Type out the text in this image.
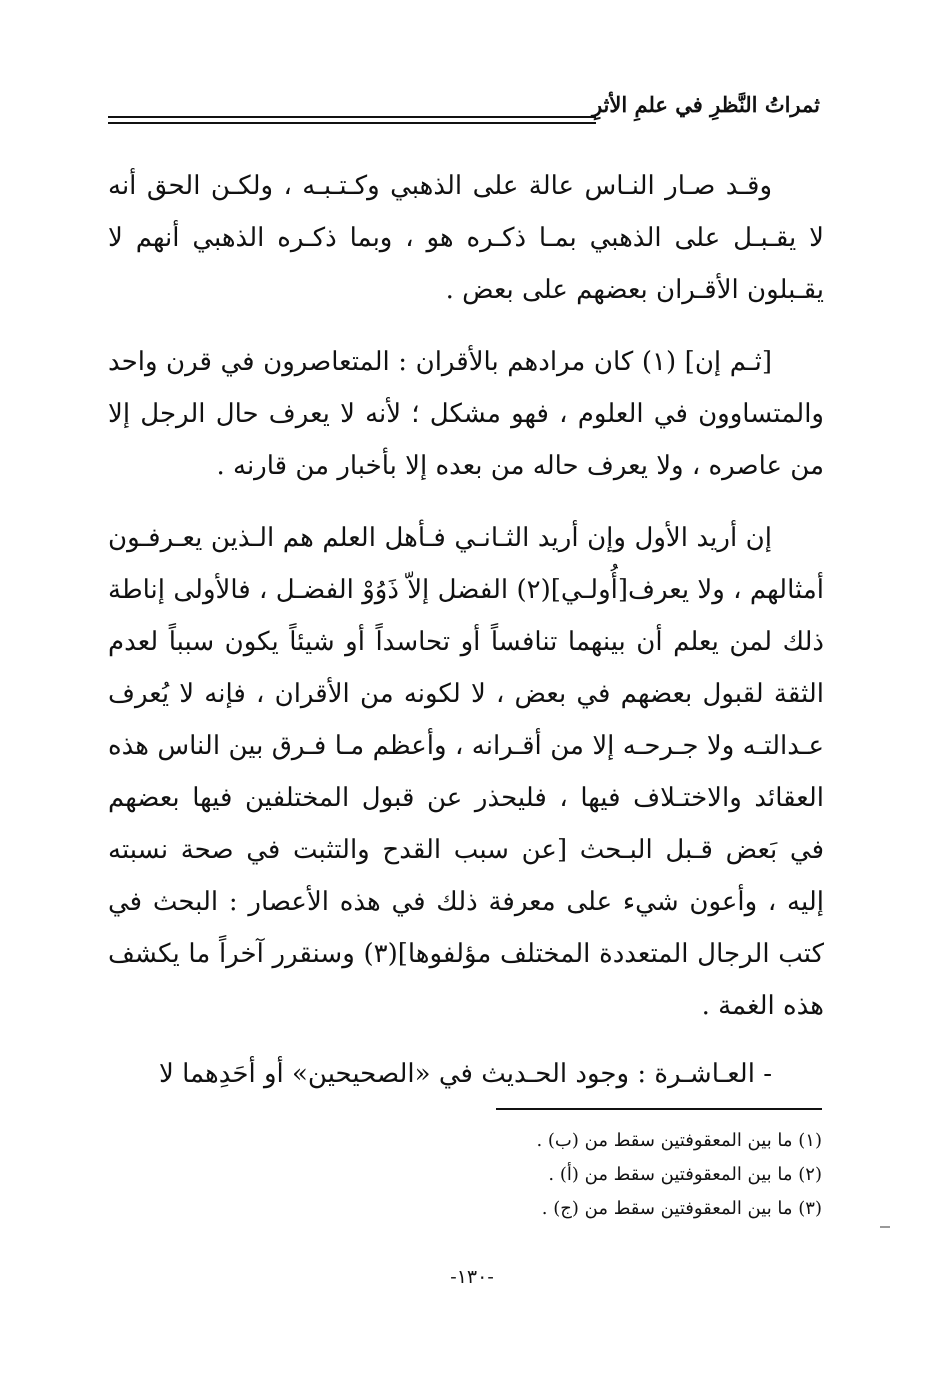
ثمراتُ النَّظرِ في علمِ الأثرِ

وقـد صـار النـاس عالة على الذهبي وكـتـبـه ، ولكـن الحق أنه لا يقـبـل على الذهبي بمـا ذكـره هو ، وبما ذكـره الذهبي أنهم لا يقـبلون الأقـران بعضهم على بعض .

[ثـم إن] (١) كان مرادهم بالأقران : المتعاصرون في قرن واحد والمتساوون في العلوم ، فهو مشكل ؛ لأنه لا يعرف حال الرجل إلا من عاصره ، ولا يعرف حاله من بعده إلا بأخبار من قارنه .

إن أريد الأول وإن أريد الثـانـي فـأهل العلم هم الـذين يعـرفـون أمثالهم ، ولا يعرف[أُولـي](٢) الفضل إلاّ ذَوُوْ الفضـل ، فالأولى إناطة ذلك لمن يعلم أن بينهما تنافساً أو تحاسداً أو شيئاً يكون سبباً لعدم الثقة لقبول بعضهم في بعض ، لا لكونه من الأقران ، فإنه لا يُعرف عـدالتـه ولا جـرحـه إلا من أقـرانه ، وأعظم مـا فـرق بين الناس هذه العقائد والاختـلاف فيها ، فليحذر عن قبول المختلفين فيها بعضهم في بَعض قـبل البـحث [عن سبب القدح والتثبت في صحة نسبته إليه ، وأعون شيء على معرفة ذلك في هذه الأعصار : البحث في كتب الرجال المتعددة المختلف مؤلفوها](٣) وسنقرر آخراً ما يكشف هذه الغمة .

- العـاشـرة : وجود الحـديث في «الصحيحين» أو أحَدِهما لا

(١) ما بين المعقوفتين سقط من (ب) .

(٢) ما بين المعقوفتين سقط من (أ) .

(٣) ما بين المعقوفتين سقط من (ج) .

-١٣٠-
